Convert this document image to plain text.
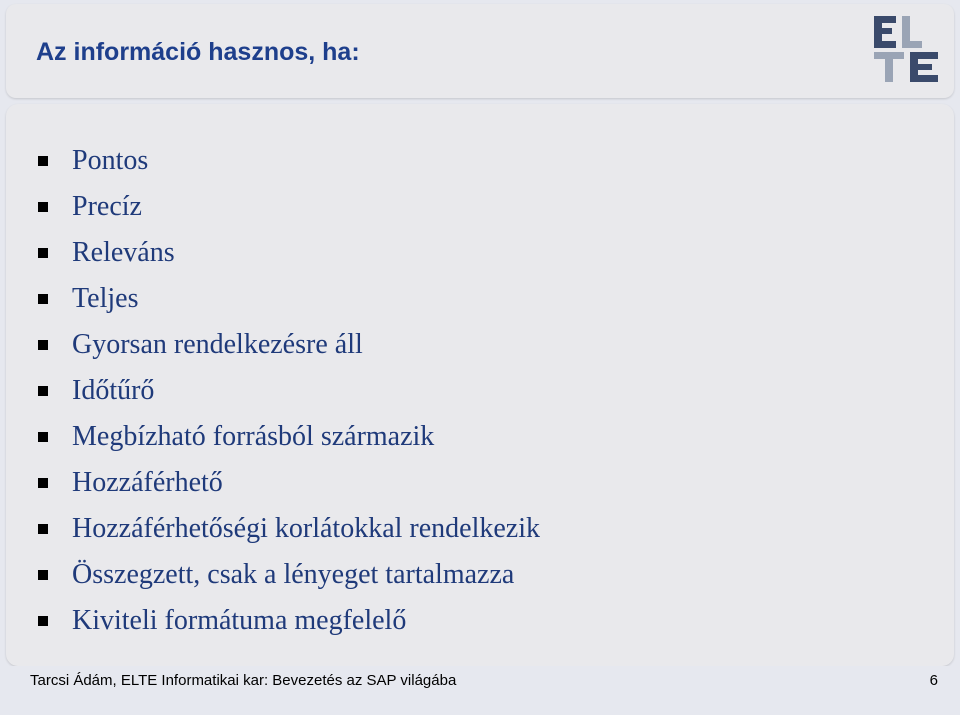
Az információ hasznos, ha:
Pontos
Precíz
Releváns
Teljes
Gyorsan rendelkezésre áll
Időtűrő
Megbízható forrásból származik
Hozzáférhető
Hozzáférhetőségi korlátokkal rendelkezik
Összegzett, csak a lényeget tartalmazza
Kiviteli formátuma megfelelő
Tarcsi Ádám, ELTE Informatikai kar: Bevezetés az SAP világába	6
